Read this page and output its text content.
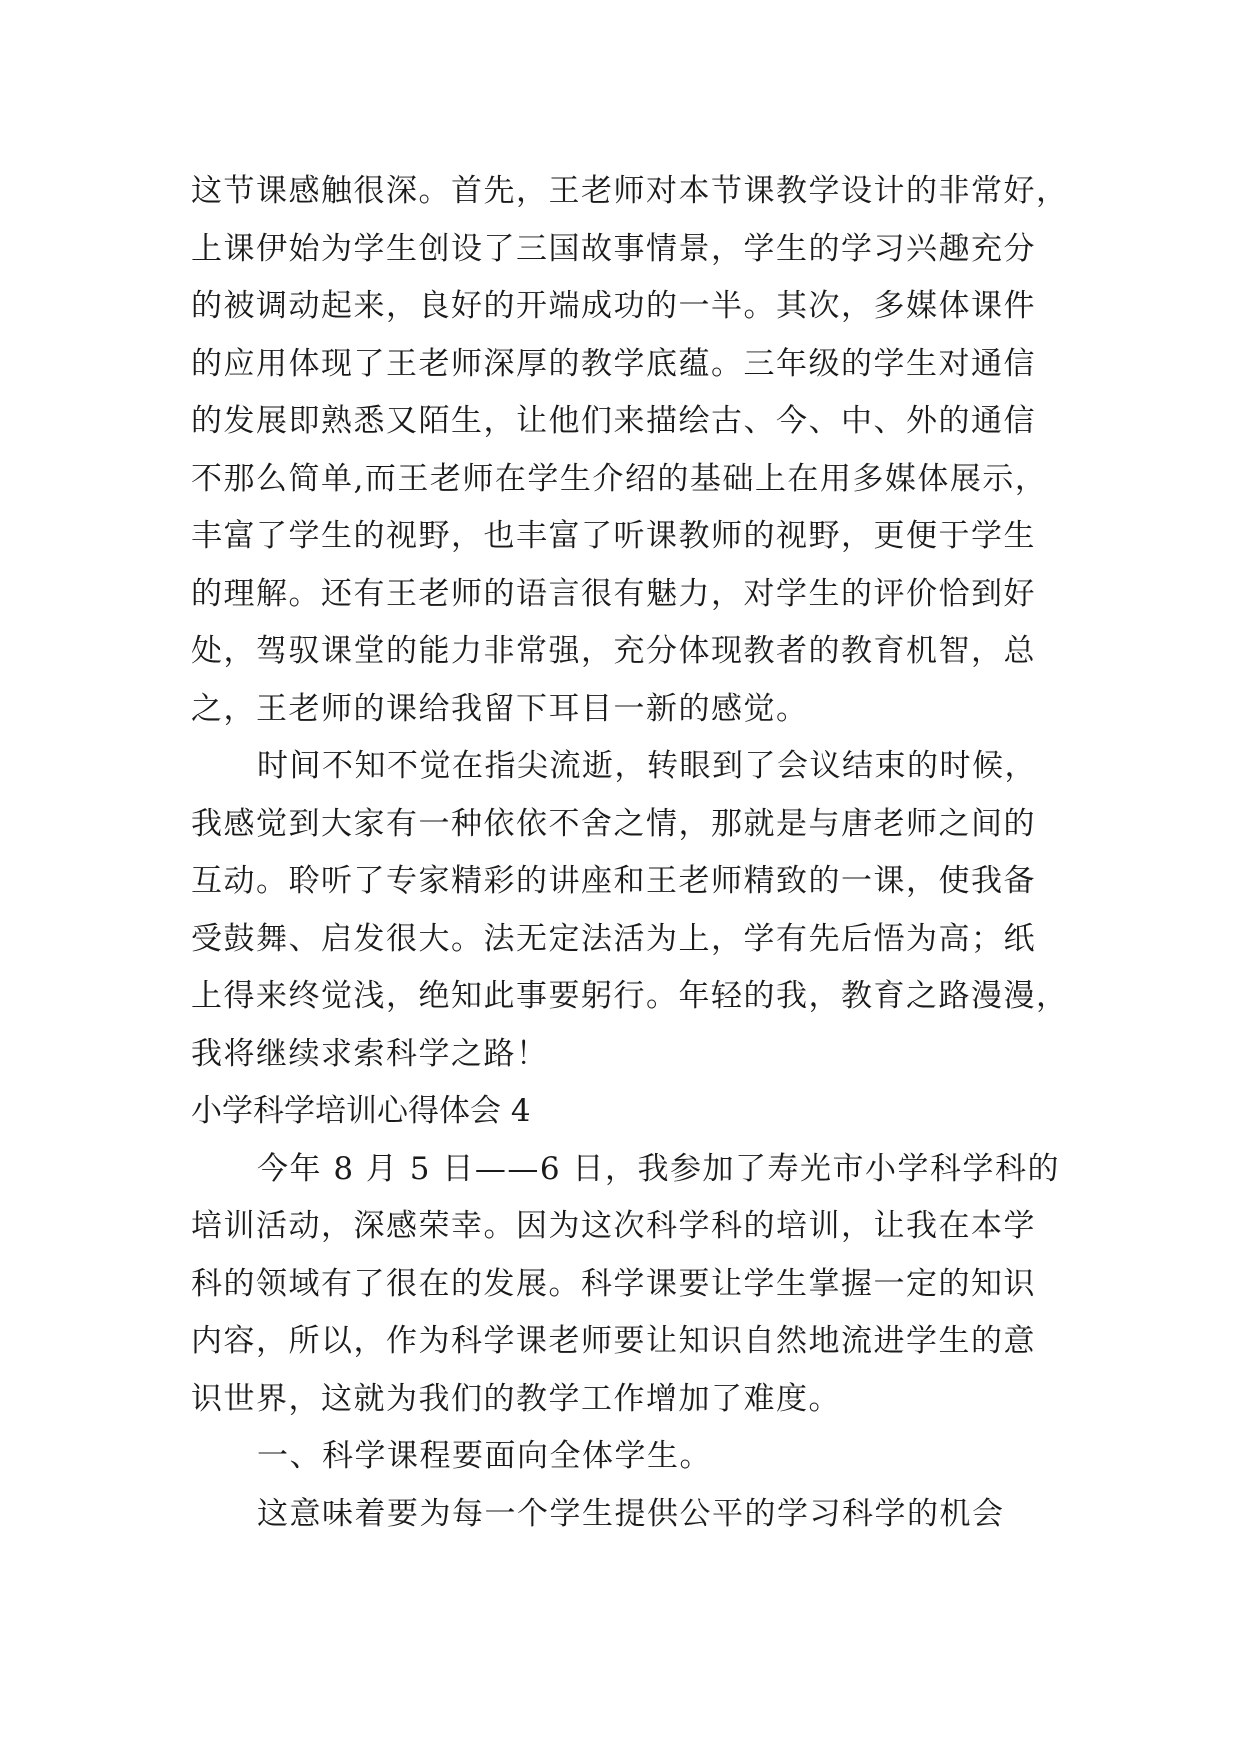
这节课感触很深。首先，王老师对本节课教学设计的非常好，
上课伊始为学生创设了三国故事情景，学生的学习兴趣充分
的被调动起来，良好的开端成功的一半。其次，多媒体课件
的应用体现了王老师深厚的教学底蕴。三年级的学生对通信
的发展即熟悉又陌生，让他们来描绘古、今、中、外的通信
不那么简单,而王老师在学生介绍的基础上在用多媒体展示，
丰富了学生的视野，也丰富了听课教师的视野，更便于学生
的理解。还有王老师的语言很有魅力，对学生的评价恰到好
处，驾驭课堂的能力非常强，充分体现教者的教育机智，总
之，王老师的课给我留下耳目一新的感觉。
时间不知不觉在指尖流逝，转眼到了会议结束的时候，
我感觉到大家有一种依依不舍之情，那就是与唐老师之间的
互动。聆听了专家精彩的讲座和王老师精致的一课，使我备
受鼓舞、启发很大。法无定法活为上，学有先后悟为高；纸
上得来终觉浅，绝知此事要躬行。年轻的我，教育之路漫漫，
我将继续求索科学之路！
小学科学培训心得体会 4
今年 8 月 5 日——6 日，我参加了寿光市小学科学科的
培训活动，深感荣幸。因为这次科学科的培训，让我在本学
科的领域有了很在的发展。科学课要让学生掌握一定的知识
内容，所以，作为科学课老师要让知识自然地流进学生的意
识世界，这就为我们的教学工作增加了难度。
一、科学课程要面向全体学生。
这意味着要为每一个学生提供公平的学习科学的机会
